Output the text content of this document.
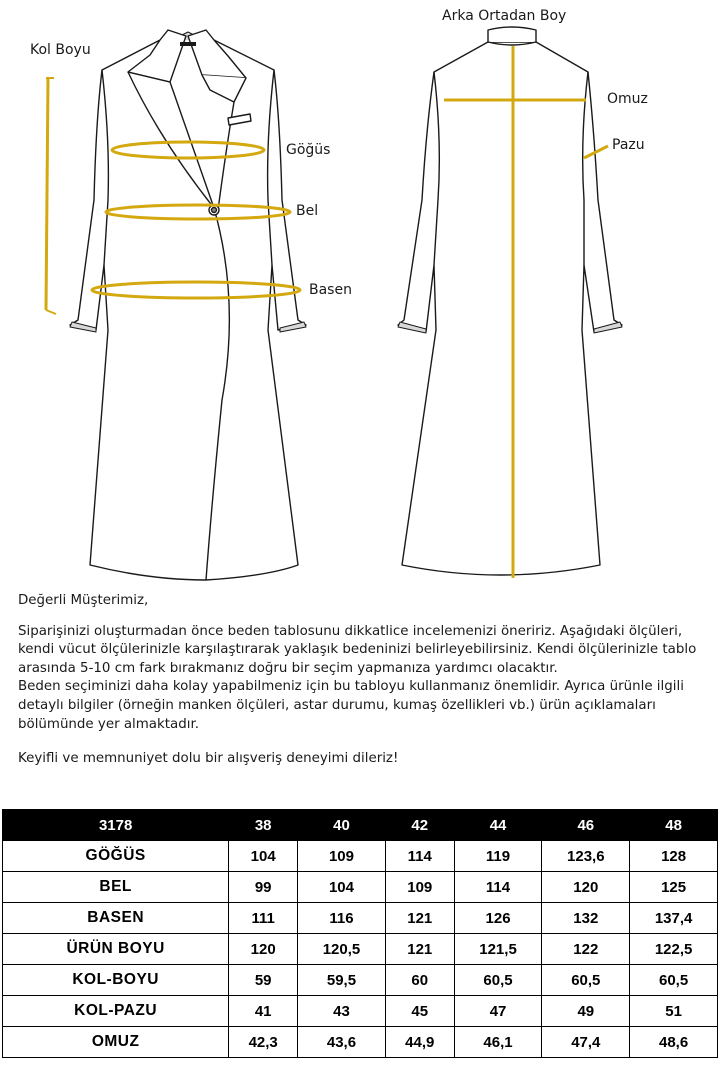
Kol Boyu
Göğüs
Bel
Basen
Arka Ortadan Boy
Omuz
Pazu

Değerli Müşterimiz,

Siparişinizi oluşturmadan önce beden tablosunu dikkatlice incelemenizi öneririz. Aşağıdaki ölçüleri, kendi vücut ölçülerinizle karşılaştırarak yaklaşık bedeninizi belirleyebilirsiniz. Kendi ölçülerinizle tablo arasında 5-10 cm fark bırakmanız doğru bir seçim yapmanıza yardımcı olacaktır.

Beden seçiminizi daha kolay yapabilmeniz için bu tabloyu kullanmanız önemlidir. Ayrıca ürünle ilgili detaylı bilgiler (örneğin manken ölçüleri, astar durumu, kumaş özellikleri vb.) ürün açıklamaları bölümünde yer almaktadır.

Keyifli ve memnuniyet dolu bir alışveriş deneyimi dileriz!

3178	38	40	42	44	46	48
GÖĞÜS	104	109	114	119	123,6	128
BEL	99	104	109	114	120	125
BASEN	111	116	121	126	132	137,4
ÜRÜN BOYU	120	120,5	121	121,5	122	122,5
KOL-BOYU	59	59,5	60	60,5	60,5	60,5
KOL-PAZU	41	43	45	47	49	51
OMUZ	42,3	43,6	44,9	46,1	47,4	48,6
